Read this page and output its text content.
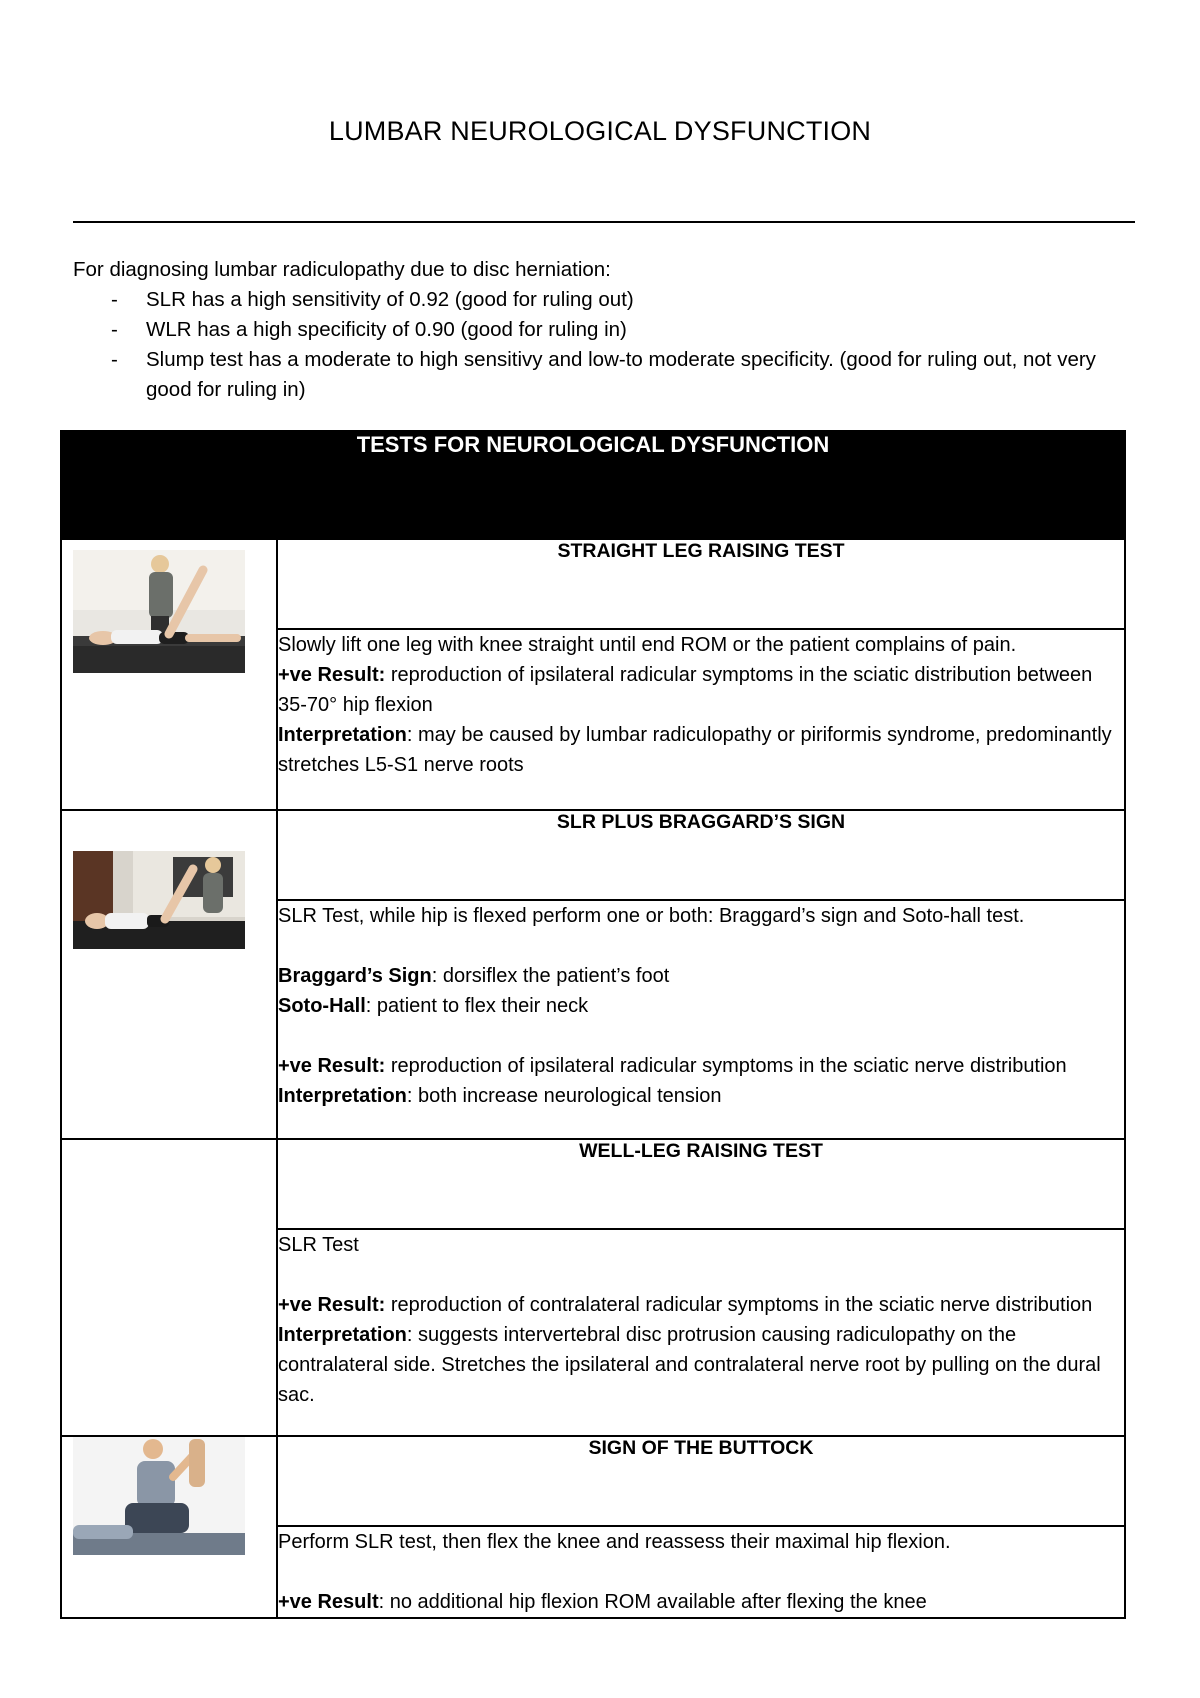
LUMBAR NEUROLOGICAL DYSFUNCTION
For diagnosing lumbar radiculopathy due to disc herniation:
- SLR has a high sensitivity of 0.92 (good for ruling out)
- WLR has a high specificity of 0.90 (good for ruling in)
- Slump test has a moderate to high sensitivy and low-to moderate specificity. (good for ruling out, not very good for ruling in)
TESTS FOR NEUROLOGICAL DYSFUNCTION	

	STRAIGHT LEG RAISING TEST

	Slowly lift one leg with knee straight until end ROM or the patient complains of pain.

+ve Result: reproduction of ipsilateral radicular symptoms in the sciatic distribution between 35-70° hip flexion

Interpretation: may be caused by lumbar radiculopathy or piriformis syndrome, predominantly stretches L5-S1 nerve roots

	SLR PLUS BRAGGARD’S SIGN

	SLR Test, while hip is flexed perform one or both: Braggard’s sign and Soto-hall test.

Braggard’s Sign: dorsiflex the patient’s foot

Soto-Hall: patient to flex their neck

+ve Result: reproduction of ipsilateral radicular symptoms in the sciatic nerve distribution

Interpretation: both increase neurological tension

	WELL-LEG RAISING TEST

	SLR Test

+ve Result: reproduction of contralateral radicular symptoms in the sciatic nerve distribution

Interpretation: suggests intervertebral disc protrusion causing radiculopathy on the contralateral side. Stretches the ipsilateral and contralateral nerve root by pulling on the dural sac.

	SIGN OF THE BUTTOCK

	Perform SLR test, then flex the knee and reassess their maximal hip flexion.

+ve Result: no additional hip flexion ROM available after flexing the knee
